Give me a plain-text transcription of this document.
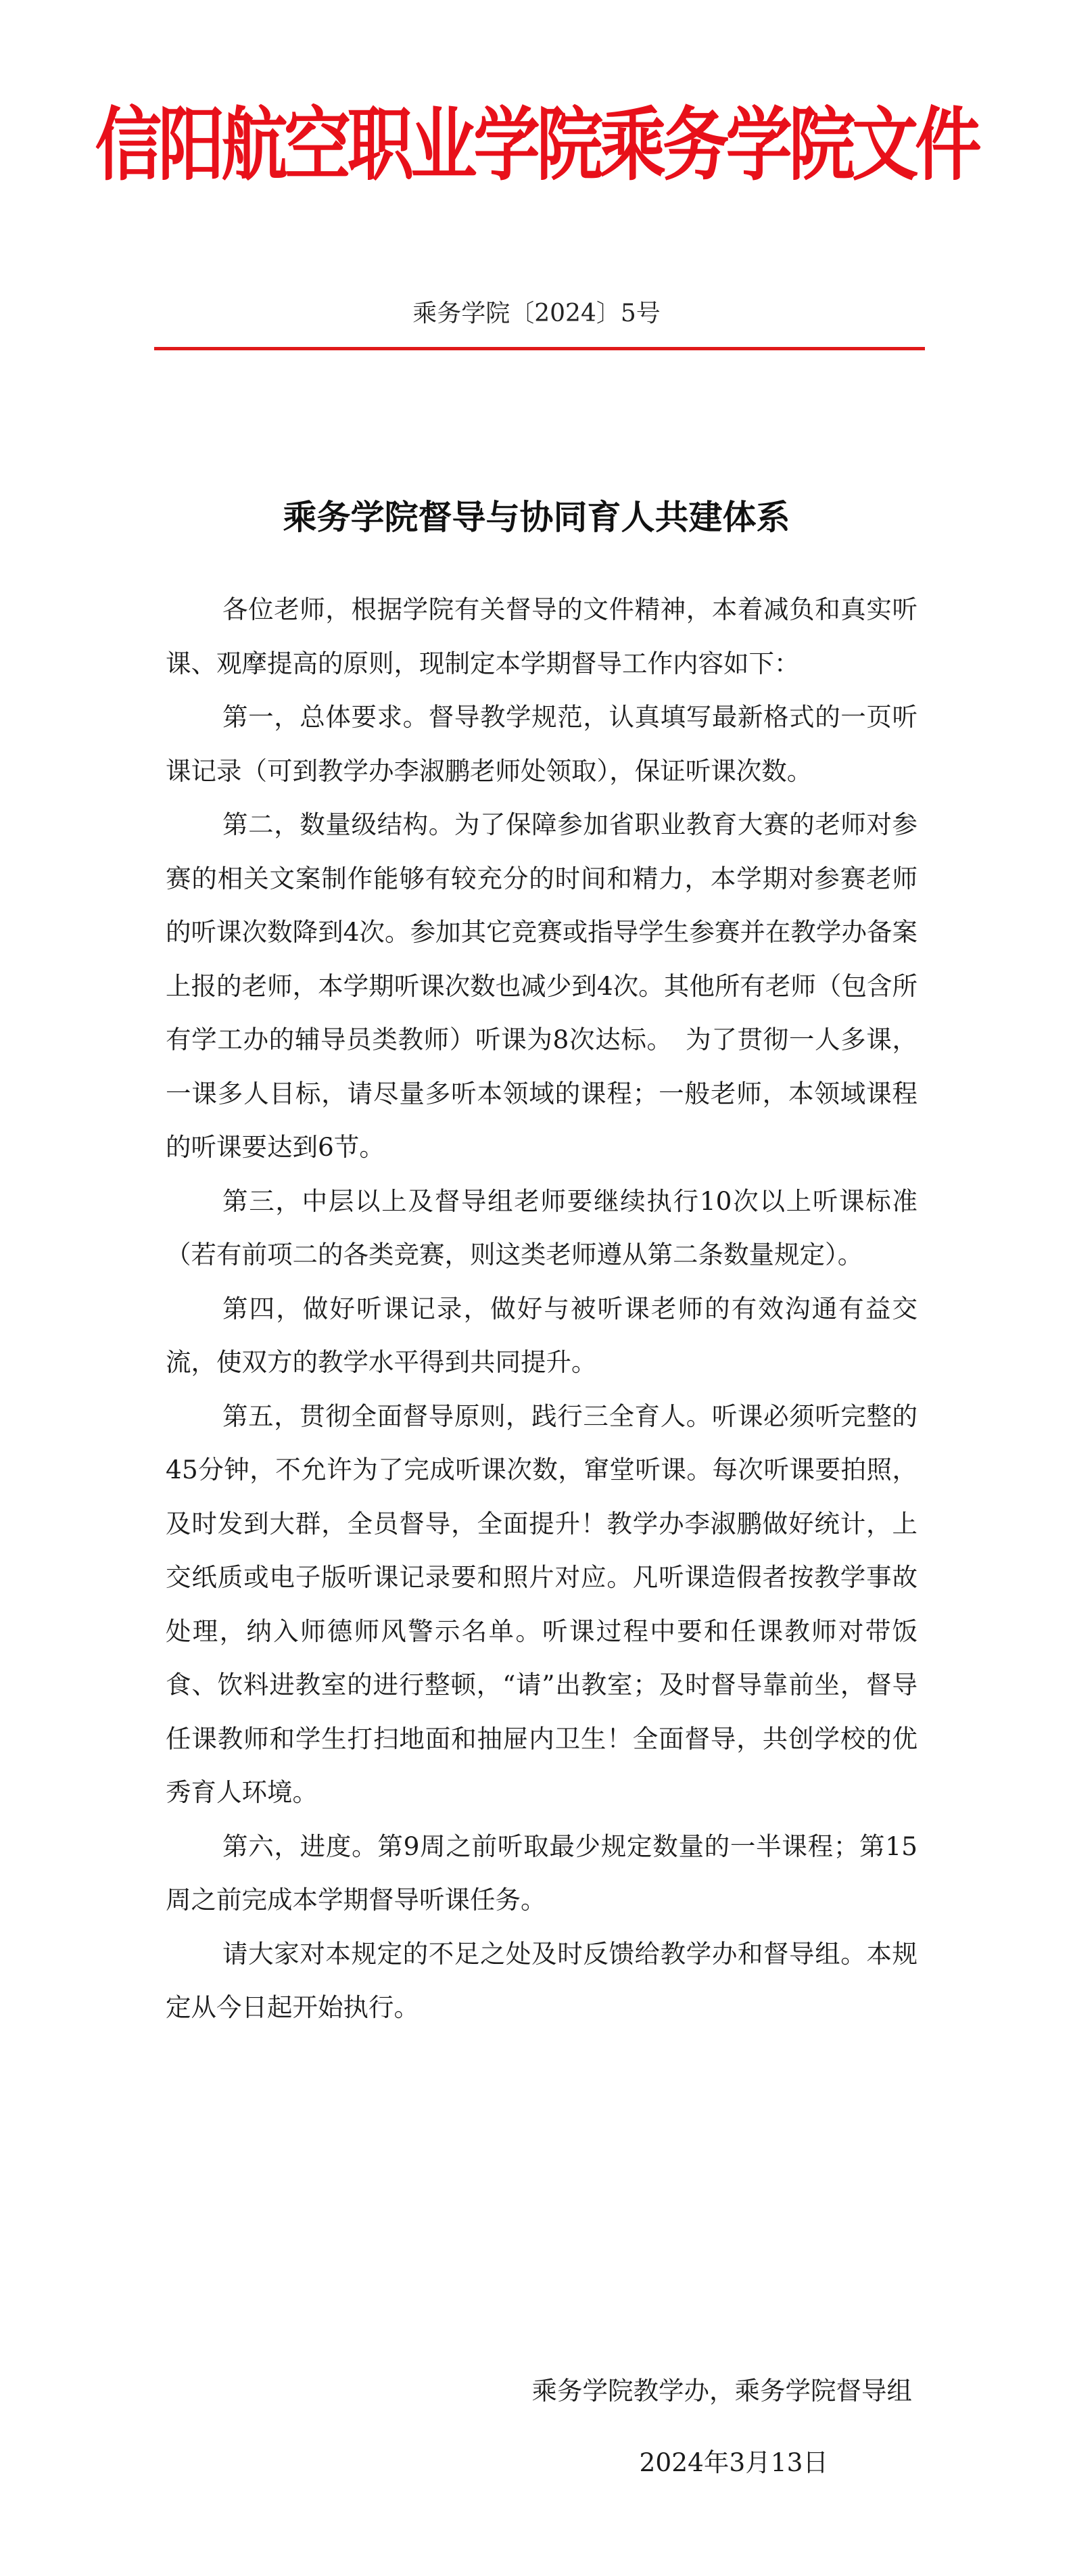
信阳航空职业学院乘务学院文件
乘务学院〔2024〕5号
乘务学院督导与协同育人共建体系

各位老师，根据学院有关督导的文件精神，本着减负和真实听课、观摩提高的原则，现制定本学期督导工作内容如下：

第一，总体要求。督导教学规范，认真填写最新格式的一页听课记录（可到教学办李淑鹏老师处领取），保证听课次数。

第二，数量级结构。为了保障参加省职业教育大赛的老师对参赛的相关文案制作能够有较充分的时间和精力，本学期对参赛老师的听课次数降到4次。参加其它竞赛或指导学生参赛并在教学办备案上报的老师，本学期听课次数也减少到4次。其他所有老师（包含所有学工办的辅导员类教师）听课为8次达标。　为了贯彻一人多课，一课多人目标，请尽量多听本领域的课程；一般老师，本领域课程的听课要达到6节。

第三，中层以上及督导组老师要继续执行10次以上听课标准（若有前项二的各类竞赛，则这类老师遵从第二条数量规定）。

第四，做好听课记录，做好与被听课老师的有效沟通有益交流，使双方的教学水平得到共同提升。

第五，贯彻全面督导原则，践行三全育人。听课必须听完整的45分钟，不允许为了完成听课次数，窜堂听课。每次听课要拍照，及时发到大群，全员督导，全面提升！教学办李淑鹏做好统计，上交纸质或电子版听课记录要和照片对应。凡听课造假者按教学事故处理，纳入师德师风警示名单。听课过程中要和任课教师对带饭食、饮料进教室的进行整顿，“请”出教室；及时督导靠前坐，督导任课教师和学生打扫地面和抽屉内卫生！全面督导，共创学校的优秀育人环境。

第六，进度。第9周之前听取最少规定数量的一半课程；第15周之前完成本学期督导听课任务。

请大家对本规定的不足之处及时反馈给教学办和督导组。本规定从今日起开始执行。

乘务学院教学办，乘务学院督导组
2024年3月13日
